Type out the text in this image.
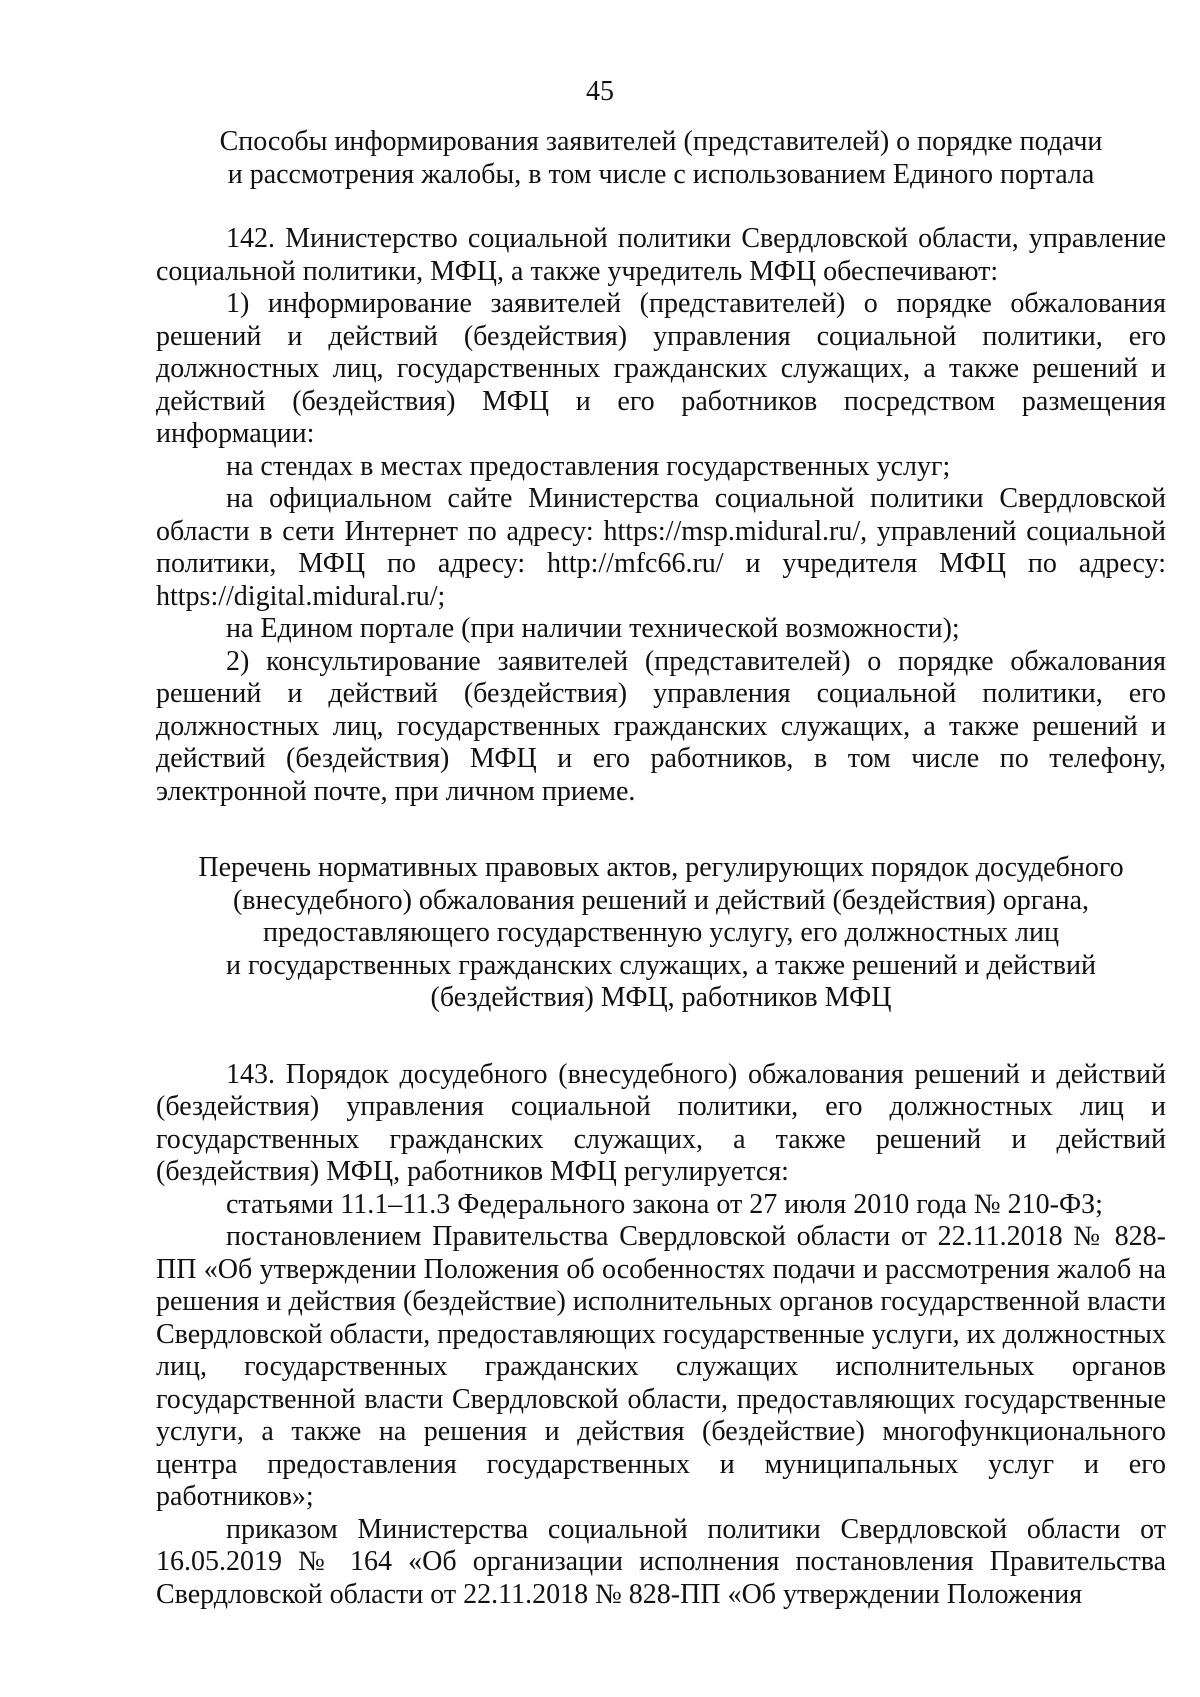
45
Способы информирования заявителей (представителей) о порядке подачи
и рассмотрения жалобы, в том числе с использованием Единого портала

142. Министерство социальной политики Свердловской области, управление социальной политики, МФЦ, а также учредитель МФЦ обеспечивают:

1) информирование заявителей (представителей) о порядке обжалования решений и действий (бездействия) управления социальной политики, его должностных лиц, государственных гражданских служащих, а также решений и действий (бездействия) МФЦ и его работников посредством размещения информации:

на стендах в местах предоставления государственных услуг;

на официальном сайте Министерства социальной политики Свердловской области в сети Интернет по адресу: https://msp.midural.ru/, управлений социальной политики, МФЦ по адресу: http://mfc66.ru/ и учредителя МФЦ по адресу: https://digital.midural.ru/;

на Едином портале (при наличии технической возможности);

2) консультирование заявителей (представителей) о порядке обжалования решений и действий (бездействия) управления социальной политики, его должностных лиц, государственных гражданских служащих, а также решений и действий (бездействия) МФЦ и его работников, в том числе по телефону, электронной почте, при личном приеме.

Перечень нормативных правовых актов, регулирующих порядок досудебного
(внесудебного) обжалования решений и действий (бездействия) органа,
предоставляющего государственную услугу, его должностных лиц
и государственных гражданских служащих, а также решений и действий
(бездействия) МФЦ, работников МФЦ

143. Порядок досудебного (внесудебного) обжалования решений и действий (бездействия) управления социальной политики, его должностных лиц и государственных гражданских служащих, а также решений и действий (бездействия) МФЦ, работников МФЦ регулируется:

статьями 11.1–11.3 Федерального закона от 27 июля 2010 года № 210-ФЗ;

постановлением Правительства Свердловской области от 22.11.2018 № 828-ПП «Об утверждении Положения об особенностях подачи и рассмотрения жалоб на решения и действия (бездействие) исполнительных органов государственной власти Свердловской области, предоставляющих государственные услуги, их должностных лиц, государственных гражданских служащих исполнительных органов государственной власти Свердловской области, предоставляющих государственные услуги, а также на решения и действия (бездействие) многофункционального центра предоставления государственных и муниципальных услуг и его работников»;

приказом Министерства социальной политики Свердловской области от 16.05.2019 № 164 «Об организации исполнения постановления Правительства Свердловской области от 22.11.2018 № 828-ПП «Об утверждении Положения
